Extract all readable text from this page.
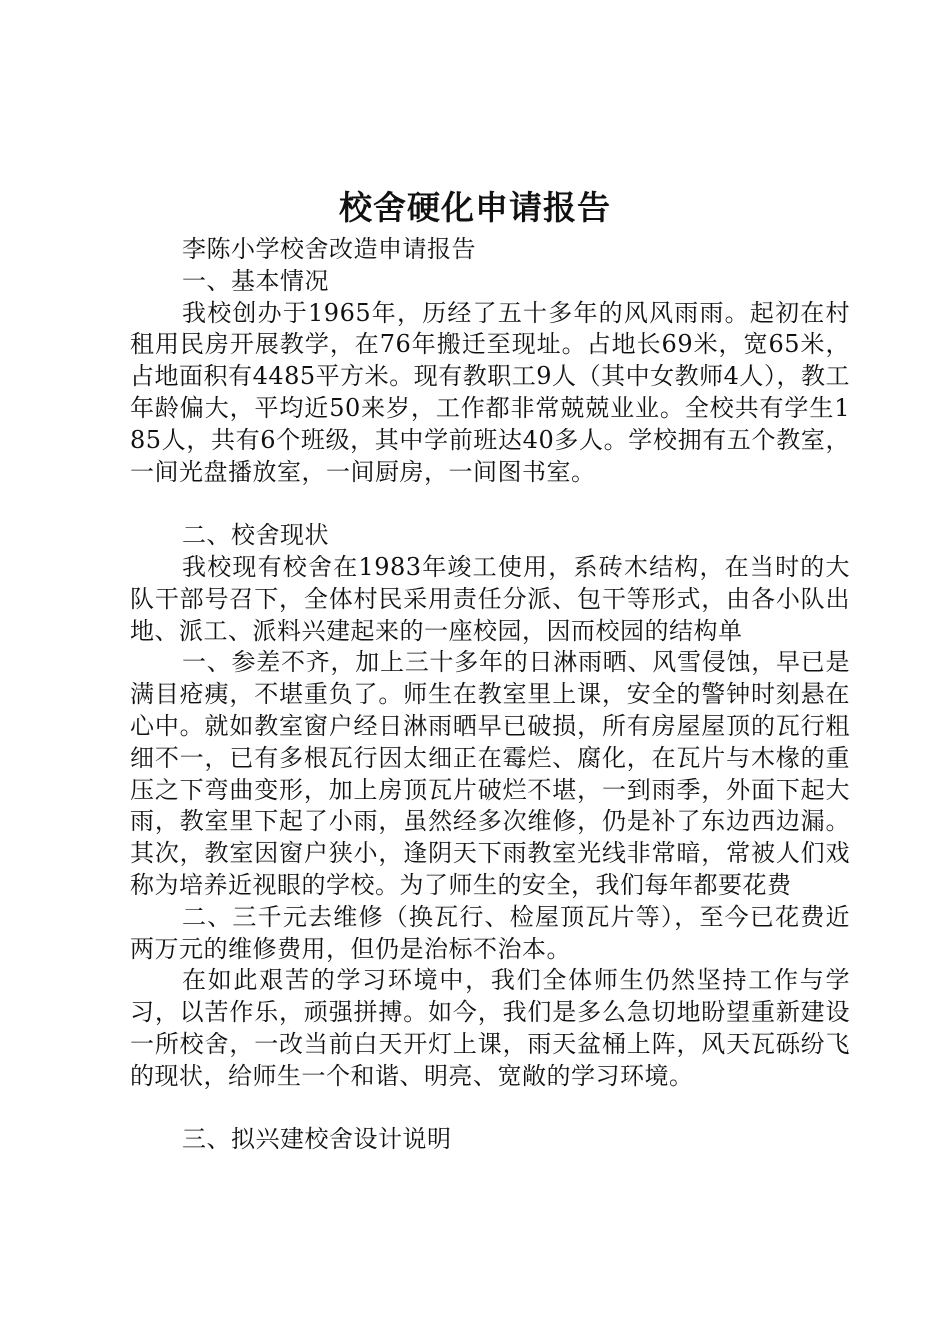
校舍硬化申请报告

李陈小学校舍改造申请报告

一、基本情况

我校创办于1965年，历经了五十多年的风风雨雨。起初在村租用民房开展教学，在76年搬迁至现址。占地长69米，宽65米，占地面积有4485平方米。现有教职工9人（其中女教师4人），教工年龄偏大，平均近50来岁，工作都非常兢兢业业。全校共有学生185人，共有6个班级，其中学前班达40多人。学校拥有五个教室，一间光盘播放室，一间厨房，一间图书室。

二、校舍现状

我校现有校舍在1983年竣工使用，系砖木结构，在当时的大队干部号召下，全体村民采用责任分派、包干等形式，由各小队出地、派工、派料兴建起来的一座校园，因而校园的结构单

一、参差不齐，加上三十多年的日淋雨晒、风雪侵蚀，早已是满目疮痍，不堪重负了。师生在教室里上课，安全的警钟时刻悬在心中。就如教室窗户经日淋雨晒早已破损，所有房屋屋顶的瓦行粗细不一，已有多根瓦行因太细正在霉烂、腐化，在瓦片与木椽的重压之下弯曲变形，加上房顶瓦片破烂不堪，一到雨季，外面下起大雨，教室里下起了小雨，虽然经多次维修，仍是补了东边西边漏。其次，教室因窗户狭小，逢阴天下雨教室光线非常暗，常被人们戏称为培养近视眼的学校。为了师生的安全，我们每年都要花费

二、三千元去维修（换瓦行、检屋顶瓦片等），至今已花费近两万元的维修费用，但仍是治标不治本。

在如此艰苦的学习环境中，我们全体师生仍然坚持工作与学习，以苦作乐，顽强拼搏。如今，我们是多么急切地盼望重新建设一所校舍，一改当前白天开灯上课，雨天盆桶上阵，风天瓦砾纷飞的现状，给师生一个和谐、明亮、宽敞的学习环境。

三、拟兴建校舍设计说明
